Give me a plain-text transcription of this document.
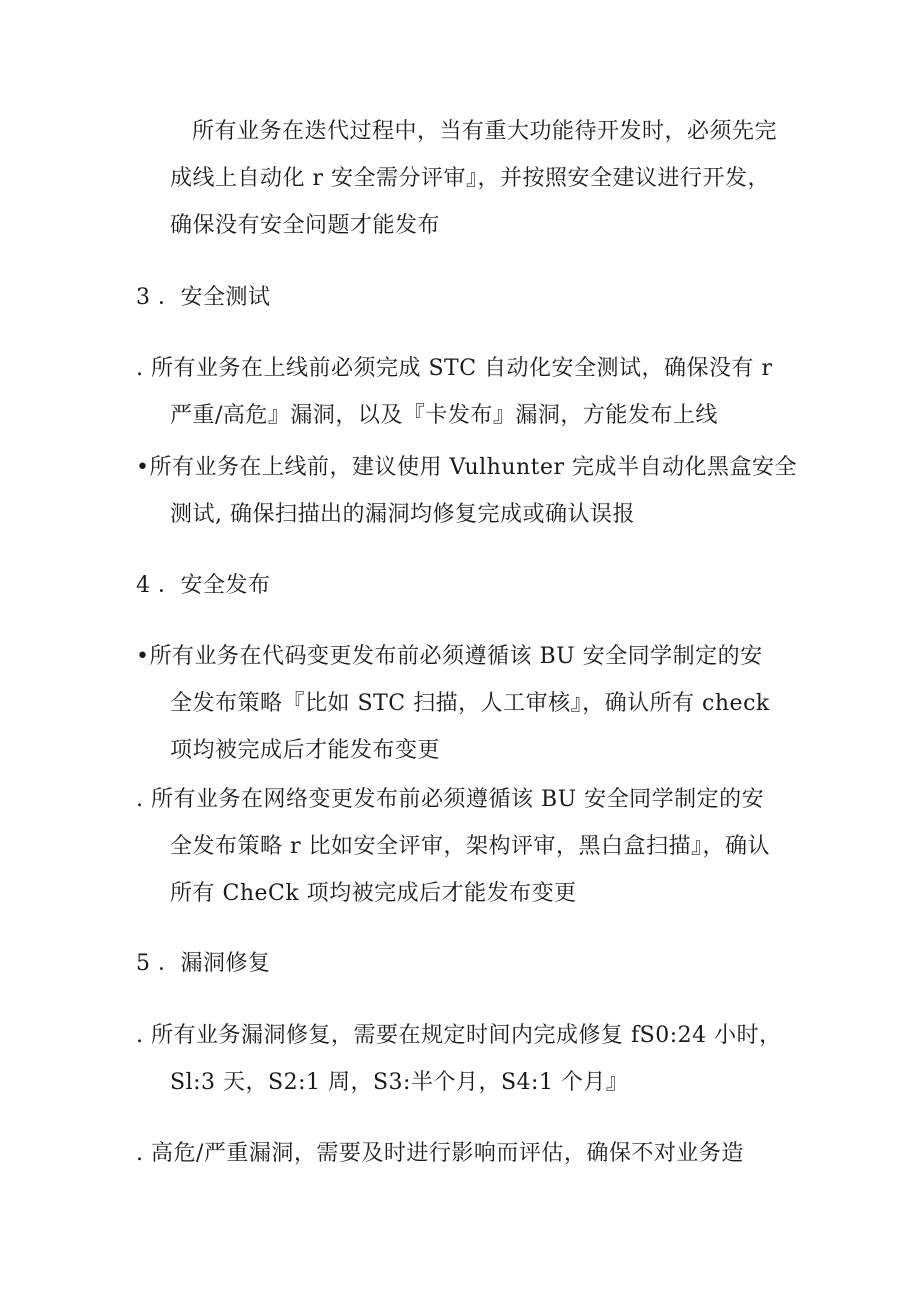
所有业务在迭代过程中，当有重大功能待开发时，必须先完
成线上自动化 r 安全需分评审』，并按照安全建议进行开发，
确保没有安全问题才能发布
3 ．安全测试
. 所有业务在上线前必须完成 STC 自动化安全测试，确保没有 r
严重/高危』漏洞，以及『卡发布』漏洞，方能发布上线
•所有业务在上线前，建议使用 Vulhunter 完成半自动化黑盒安全
测试, 确保扫描出的漏洞均修复完成或确认误报
4 ．安全发布
•所有业务在代码变更发布前必须遵循该 BU 安全同学制定的安
全发布策略『比如 STC 扫描，人工审核』，确认所有 check
项均被完成后才能发布变更
. 所有业务在网络变更发布前必须遵循该 BU 安全同学制定的安
全发布策略 r 比如安全评审，架构评审，黑白盒扫描』，确认
所有 CheCk 项均被完成后才能发布变更
5 ．漏洞修复
. 所有业务漏洞修复，需要在规定时间内完成修复 fS0:24 小时，
Sl:3 天，S2:1 周，S3:半个月，S4:1 个月』
. 高危/严重漏洞，需要及时进行影响而评估，确保不对业务造
